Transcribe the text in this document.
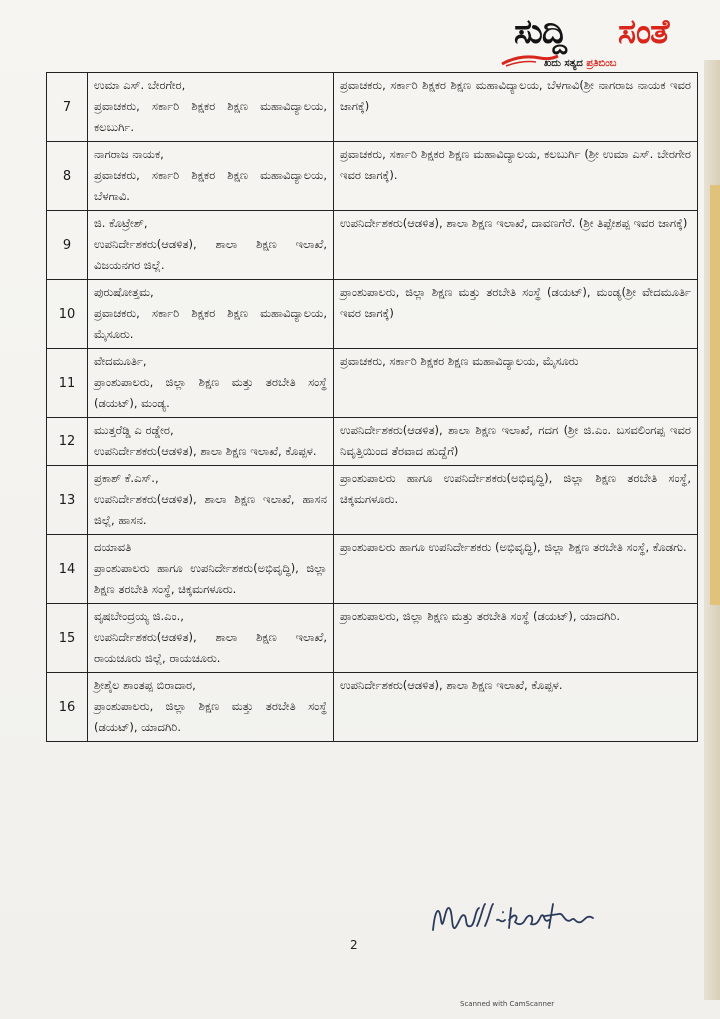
ಸುದ್ದಿ ಸಂತೆ
ಖದು ಸತ್ಯದ ಪ್ರತಿಬಿಂಬ
7	ಉಮಾ ಎಸ್. ಬೇರಗೇರ,
ಪ್ರವಾಚಕರು, ಸರ್ಕಾರಿ ಶಿಕ್ಷಕರ ಶಿಕ್ಷಣ ಮಹಾವಿದ್ಯಾಲಯ, ಕಲಬುರ್ಗಿ.	ಪ್ರವಾಚಕರು, ಸರ್ಕಾರಿ ಶಿಕ್ಷಕರ ಶಿಕ್ಷಣ ಮಹಾವಿದ್ಯಾಲಯ, ಬೆಳಗಾವಿ(ಶ್ರೀ ನಾಗರಾಜ ನಾಯಕ ಇವರ ಜಾಗಕ್ಕೆ)

8	ನಾಗರಾಜ ನಾಯಕ,
ಪ್ರವಾಚಕರು, ಸರ್ಕಾರಿ ಶಿಕ್ಷಕರ ಶಿಕ್ಷಣ ಮಹಾವಿದ್ಯಾಲಯ, ಬೆಳಗಾವಿ.	ಪ್ರವಾಚಕರು, ಸರ್ಕಾರಿ ಶಿಕ್ಷಕರ ಶಿಕ್ಷಣ ಮಹಾವಿದ್ಯಾಲಯ, ಕಲಬುರ್ಗಿ (ಶ್ರೀ ಉಮಾ ಎಸ್. ಬೇರಗೇರ ಇವರ ಜಾಗಕ್ಕೆ).

9	ಜಿ. ಕೊಟ್ರೇಶ್,
ಉಪನಿರ್ದೇಶಕರು(ಆಡಳಿತ), ಶಾಲಾ ಶಿಕ್ಷಣ ಇಲಾಖೆ, ವಿಜಯನಗರ ಜಿಲ್ಲೆ.	ಉಪನಿರ್ದೇಶಕರು(ಆಡಳಿತ), ಶಾಲಾ ಶಿಕ್ಷಣ ಇಲಾಖೆ, ದಾವಣಗೆರೆ. (ಶ್ರೀ ತಿಪ್ಪೇಶಪ್ಪ ಇವರ ಜಾಗಕ್ಕೆ)

10	ಪುರುಷೋತ್ತಮ,
ಪ್ರವಾಚಕರು, ಸರ್ಕಾರಿ ಶಿಕ್ಷಕರ ಶಿಕ್ಷಣ ಮಹಾವಿದ್ಯಾಲಯ, ಮೈಸೂರು.	ಪ್ರಾಂಶುಪಾಲರು, ಜಿಲ್ಲಾ ಶಿಕ್ಷಣ ಮತ್ತು ತರಬೇತಿ ಸಂಸ್ಥೆ (ಡಯಟ್), ಮಂಡ್ಯ(ಶ್ರೀ ವೇದಮೂರ್ತಿ ಇವರ ಜಾಗಕ್ಕೆ)

11	ವೇದಮೂರ್ತಿ,
ಪ್ರಾಂಶುಪಾಲರು, ಜಿಲ್ಲಾ ಶಿಕ್ಷಣ ಮತ್ತು ತರಬೇತಿ ಸಂಸ್ಥೆ (ಡಯಟ್), ಮಂಡ್ಯ.	ಪ್ರವಾಚಕರು, ಸರ್ಕಾರಿ ಶಿಕ್ಷಕರ ಶಿಕ್ಷಣ ಮಹಾವಿದ್ಯಾಲಯ, ಮೈಸೂರು

12	ಮುತ್ತರೆಡ್ಡಿ ಎ ರಡ್ಡೇರ,
ಉಪನಿರ್ದೇಶಕರು(ಆಡಳಿತ), ಶಾಲಾ ಶಿಕ್ಷಣ ಇಲಾಖೆ, ಕೊಪ್ಪಳ.	ಉಪನಿರ್ದೇಶಕರು(ಆಡಳಿತ), ಶಾಲಾ ಶಿಕ್ಷಣ ಇಲಾಖೆ, ಗದಗ (ಶ್ರೀ ಜಿ.ಎಂ. ಬಸವಲಿಂಗಪ್ಪ ಇವರ ನಿವೃತ್ತಿಯಿಂದ ತೆರವಾದ ಹುದ್ದೆಗೆ)

13	ಪ್ರಕಾಶ್ ಕೆ.ಎಸ್.,
ಉಪನಿರ್ದೇಶಕರು(ಆಡಳಿತ), ಶಾಲಾ ಶಿಕ್ಷಣ ಇಲಾಖೆ, ಹಾಸನ ಜಿಲ್ಲೆ, ಹಾಸನ.	ಪ್ರಾಂಶುಪಾಲರು ಹಾಗೂ ಉಪನಿರ್ದೇಶಕರು(ಅಭಿವೃದ್ಧಿ), ಜಿಲ್ಲಾ ಶಿಕ್ಷಣ ತರಬೇತಿ ಸಂಸ್ಥೆ, ಚಿಕ್ಕಮಗಳೂರು.

14	ದಯಾವತಿ
ಪ್ರಾಂಶುಪಾಲರು ಹಾಗೂ ಉಪನಿರ್ದೇಶಕರು(ಅಭಿವೃದ್ಧಿ), ಜಿಲ್ಲಾ ಶಿಕ್ಷಣ ತರಬೇತಿ ಸಂಸ್ಥೆ, ಚಿಕ್ಕಮಗಳೂರು.	ಪ್ರಾಂಶುಪಾಲರು ಹಾಗೂ ಉಪನಿರ್ದೇಶಕರು (ಅಭಿವೃದ್ಧಿ), ಜಿಲ್ಲಾ ಶಿಕ್ಷಣ ತರಬೇತಿ ಸಂಸ್ಥೆ, ಕೊಡಗು.

15	ವೃಷಬೇಂದ್ರಯ್ಯ ಜಿ.ಎಂ.,
ಉಪನಿರ್ದೇಶಕರು(ಆಡಳಿತ), ಶಾಲಾ ಶಿಕ್ಷಣ ಇಲಾಖೆ, ರಾಯಚೂರು ಜಿಲ್ಲೆ, ರಾಯಚೂರು.	ಪ್ರಾಂಶುಪಾಲರು, ಜಿಲ್ಲಾ ಶಿಕ್ಷಣ ಮತ್ತು ತರಬೇತಿ ಸಂಸ್ಥೆ (ಡಯಟ್), ಯಾದಗಿರಿ.

16	ಶ್ರೀಶೈಲ ಶಾಂತಪ್ಪ ಬಿರಾದಾರ,
ಪ್ರಾಂಶುಪಾಲರು, ಜಿಲ್ಲಾ ಶಿಕ್ಷಣ ಮತ್ತು ತರಬೇತಿ ಸಂಸ್ಥೆ (ಡಯಟ್), ಯಾದಗಿರಿ.	ಉಪನಿರ್ದೇಶಕರು(ಆಡಳಿತ), ಶಾಲಾ ಶಿಕ್ಷಣ ಇಲಾಖೆ, ಕೊಪ್ಪಳ.
2
Scanned with CamScanner
